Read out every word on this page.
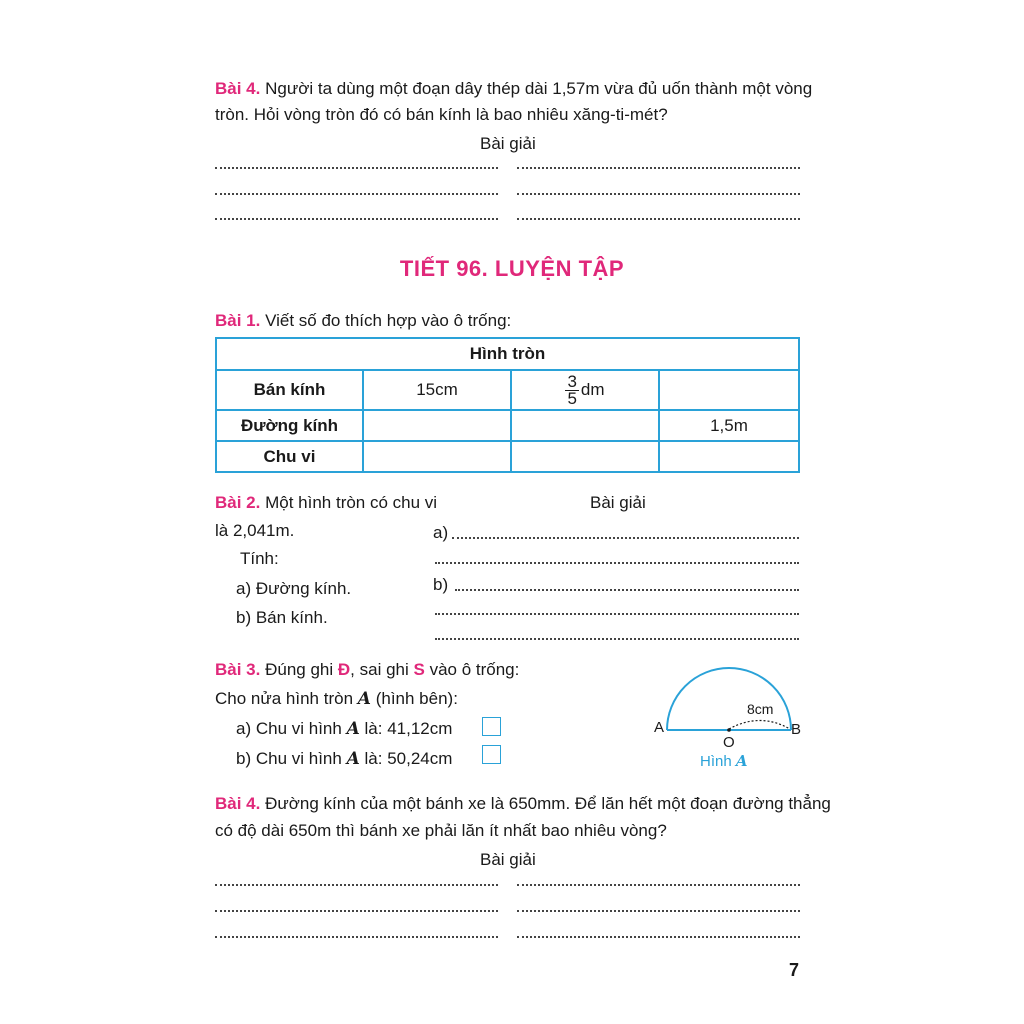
Bài 4. Người ta dùng một đoạn dây thép dài 1,57m vừa đủ uốn thành một vòng
tròn. Hỏi vòng tròn đó có bán kính là bao nhiêu xăng-ti-mét?
Bài giải
TIẾT 96. LUYỆN TẬP
Bài 1. Viết số đo thích hợp vào ô trống:
Hình tròn			
Bán kính	15cm	$\frac{3}{5}$ dm	
Đường kính			1,5m
Chu vi			
Bài 2. Một hình tròn có chu vi
là 2,041m.
Tính:
a) Đường kính.
b) Bán kính.
Bài giải
a)
b)
Bài 3. Đúng ghi Đ, sai ghi S vào ô trống:
Cho nửa hình tròn A (hình bên):
a) Chu vi hình A là: 41,12cm
b) Chu vi hình A là: 50,24cm
8cm
A	B
O
Hình A
Bài 4. Đường kính của một bánh xe là 650mm. Để lăn hết một đoạn đường thẳng
có độ dài 650m thì bánh xe phải lăn ít nhất bao nhiêu vòng?
Bài giải
7
